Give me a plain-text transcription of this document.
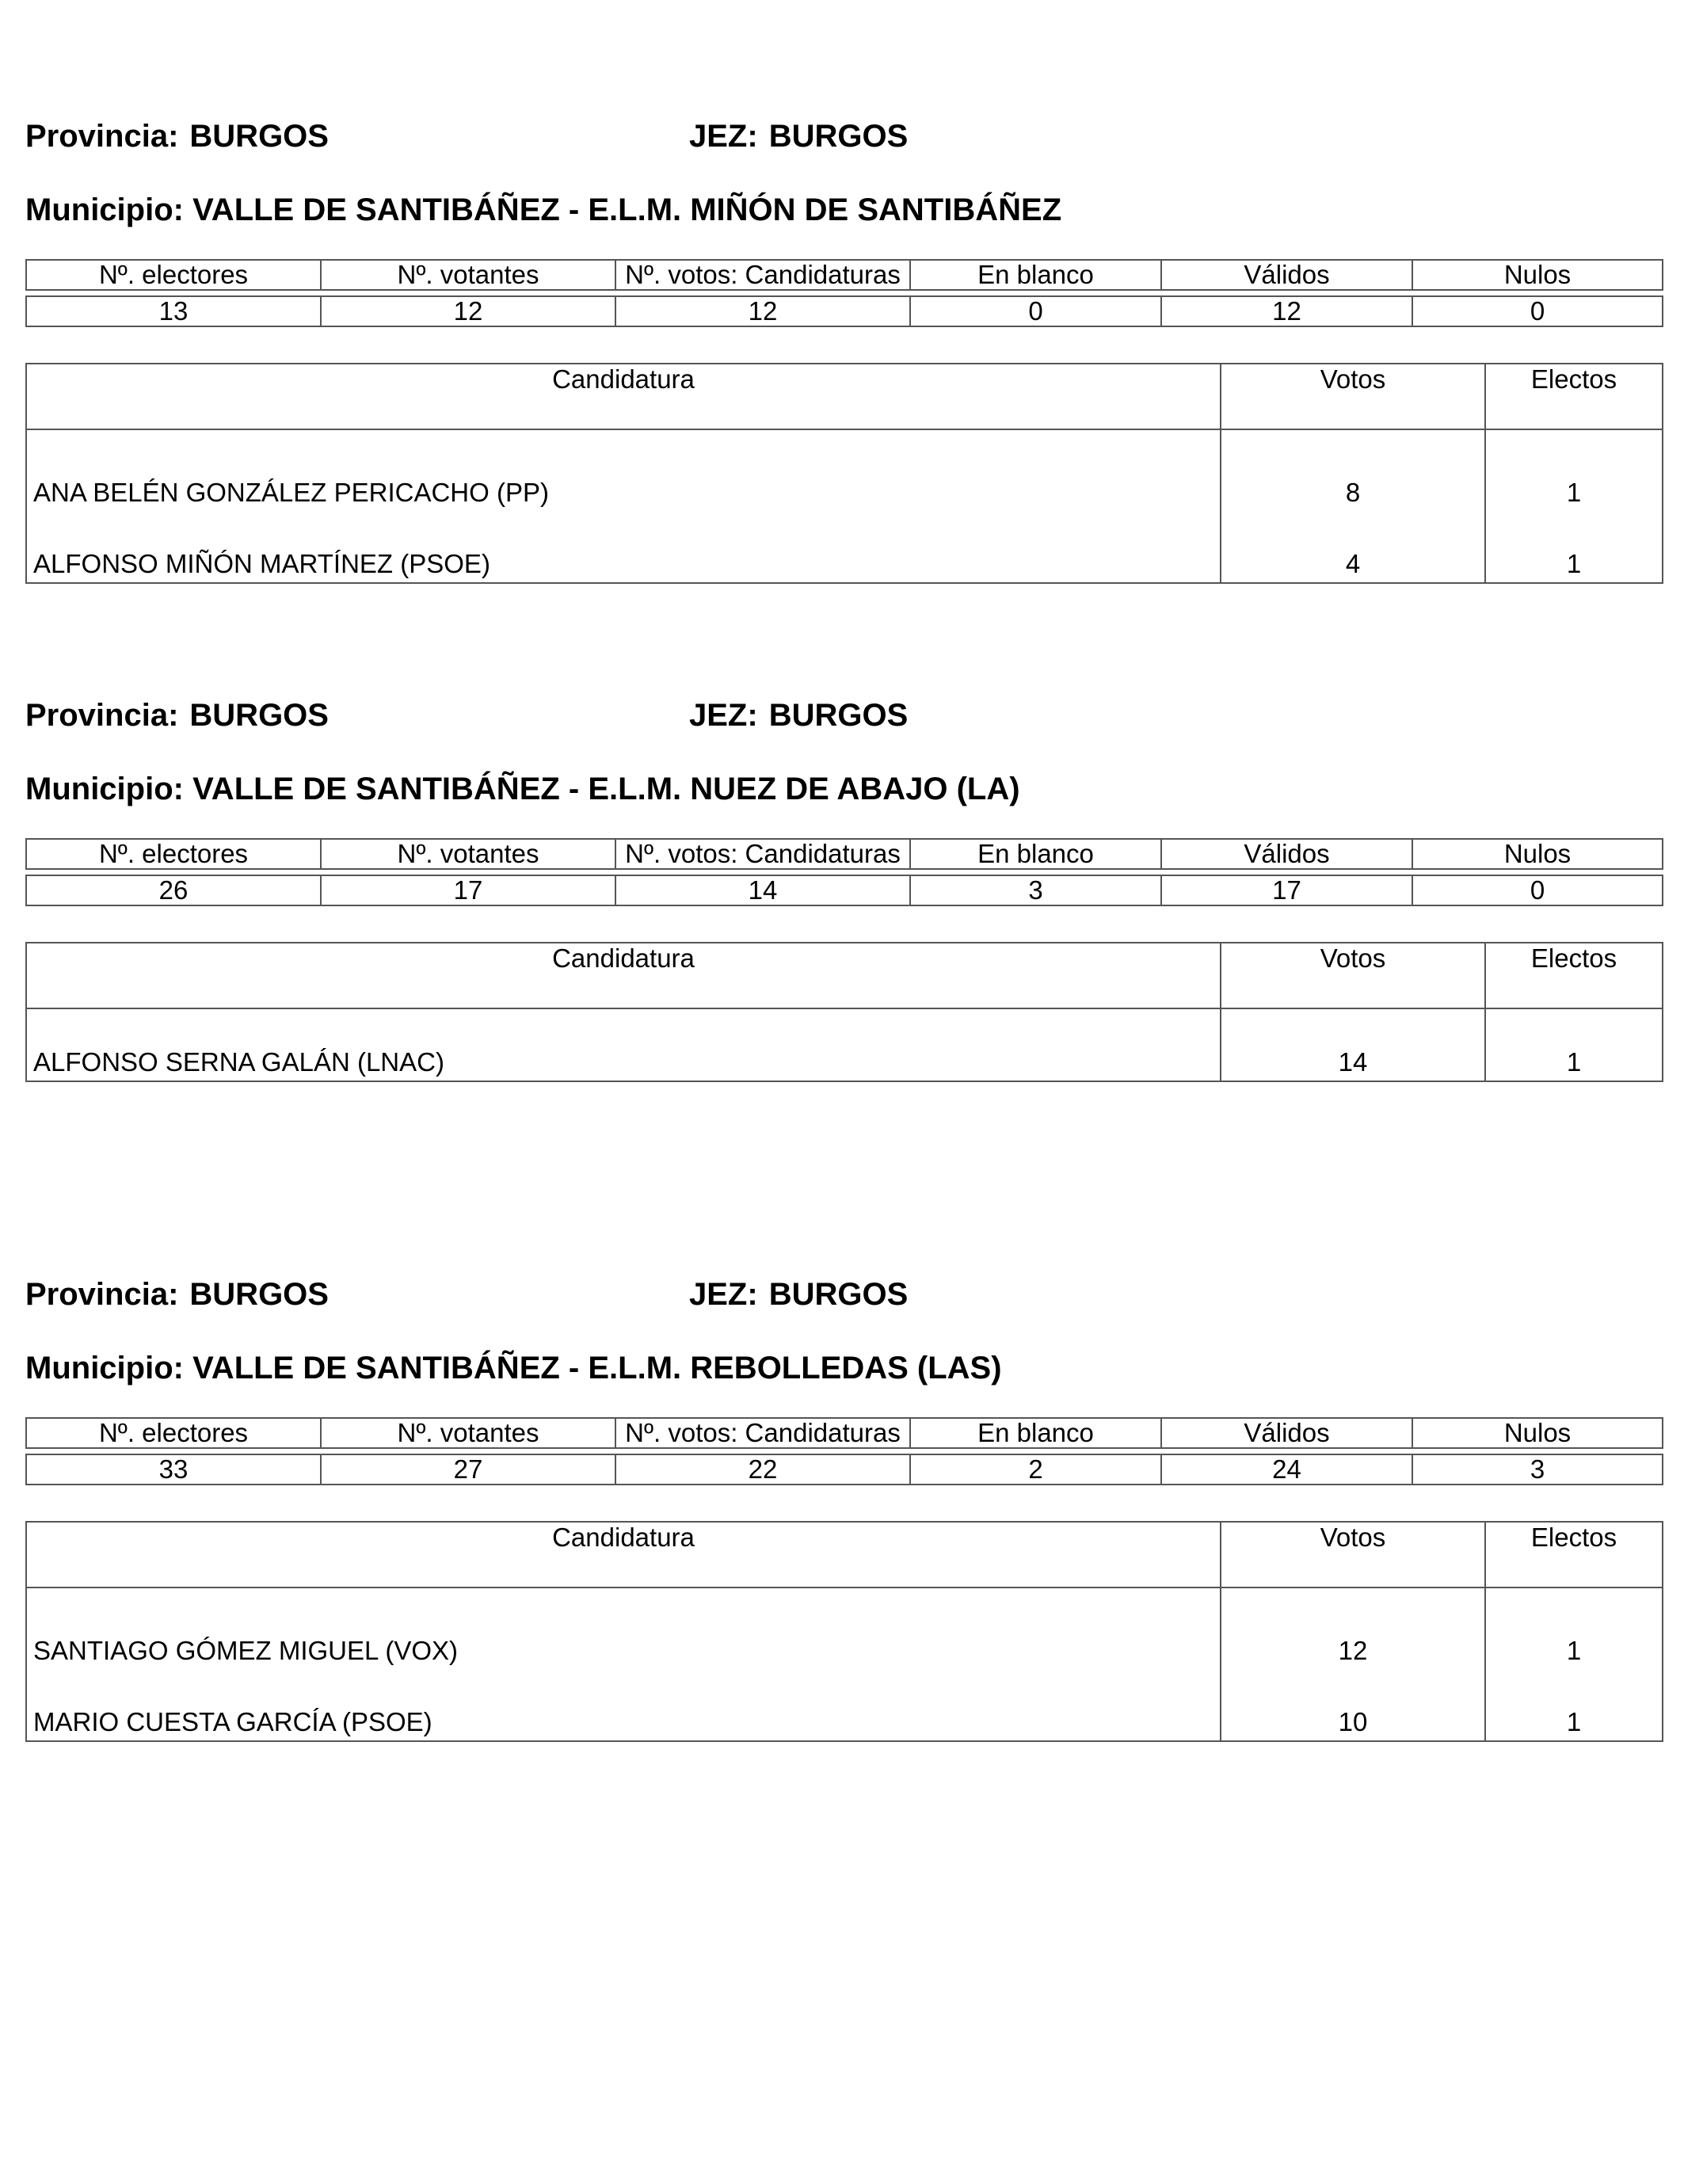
Provincia: BURGOS	JEZ: BURGOS
Municipio: VALLE DE SANTIBÁÑEZ - E.L.M. MIÑÓN DE SANTIBÁÑEZ
Nº. electores	Nº. votantes	Nº. votos: Candidaturas	En blanco	Válidos	Nulos

13	12	12	0	12	0
Candidatura	Votos	Electos
ANA BELÉN GONZÁLEZ PERICACHO (PP)	8	1
ALFONSO MIÑÓN MARTÍNEZ (PSOE)	4	1
Provincia: BURGOS	JEZ: BURGOS
Municipio: VALLE DE SANTIBÁÑEZ - E.L.M. NUEZ DE ABAJO (LA)
Nº. electores	Nº. votantes	Nº. votos: Candidaturas	En blanco	Válidos	Nulos

26	17	14	3	17	0
Candidatura	Votos	Electos
ALFONSO SERNA GALÁN (LNAC)	14	1
Provincia: BURGOS	JEZ: BURGOS
Municipio: VALLE DE SANTIBÁÑEZ - E.L.M. REBOLLEDAS (LAS)
Nº. electores	Nº. votantes	Nº. votos: Candidaturas	En blanco	Válidos	Nulos

33	27	22	2	24	3
Candidatura	Votos	Electos
SANTIAGO GÓMEZ MIGUEL (VOX)	12	1
MARIO CUESTA GARCÍA (PSOE)	10	1
